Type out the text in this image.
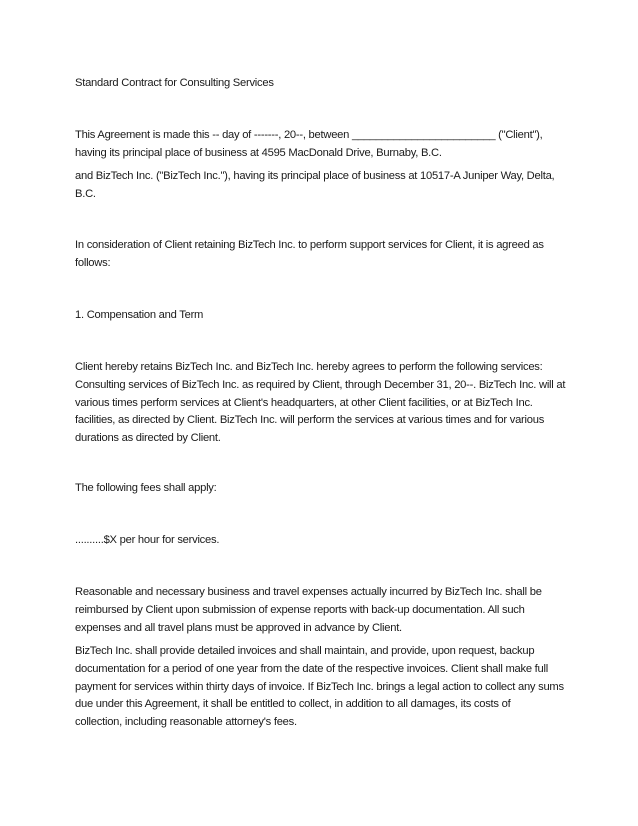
Standard Contract for Consulting Services
This Agreement is made this -- day of -------, 20--, between ________________________ ("Client"),
having its principal place of business at 4595 MacDonald Drive, Burnaby, B.C.
and BizTech Inc. ("BizTech Inc."), having its principal place of business at 10517-A Juniper Way, Delta,
B.C.
In consideration of Client retaining BizTech Inc. to perform support services for Client, it is agreed as
follows:
1. Compensation and Term
Client hereby retains BizTech Inc. and BizTech Inc. hereby agrees to perform the following services:
Consulting services of BizTech Inc. as required by Client, through December 31, 20--. BizTech Inc. will at
various times perform services at Client's headquarters, at other Client facilities, or at BizTech Inc.
facilities, as directed by Client. BizTech Inc. will perform the services at various times and for various
durations as directed by Client.
The following fees shall apply:
..........$X per hour for services.
Reasonable and necessary business and travel expenses actually incurred by BizTech Inc. shall be
reimbursed by Client upon submission of expense reports with back-up documentation. All such
expenses and all travel plans must be approved in advance by Client.
BizTech Inc. shall provide detailed invoices and shall maintain, and provide, upon request, backup
documentation for a period of one year from the date of the respective invoices. Client shall make full
payment for services within thirty days of invoice. If BizTech Inc. brings a legal action to collect any sums
due under this Agreement, it shall be entitled to collect, in addition to all damages, its costs of
collection, including reasonable attorney's fees.
